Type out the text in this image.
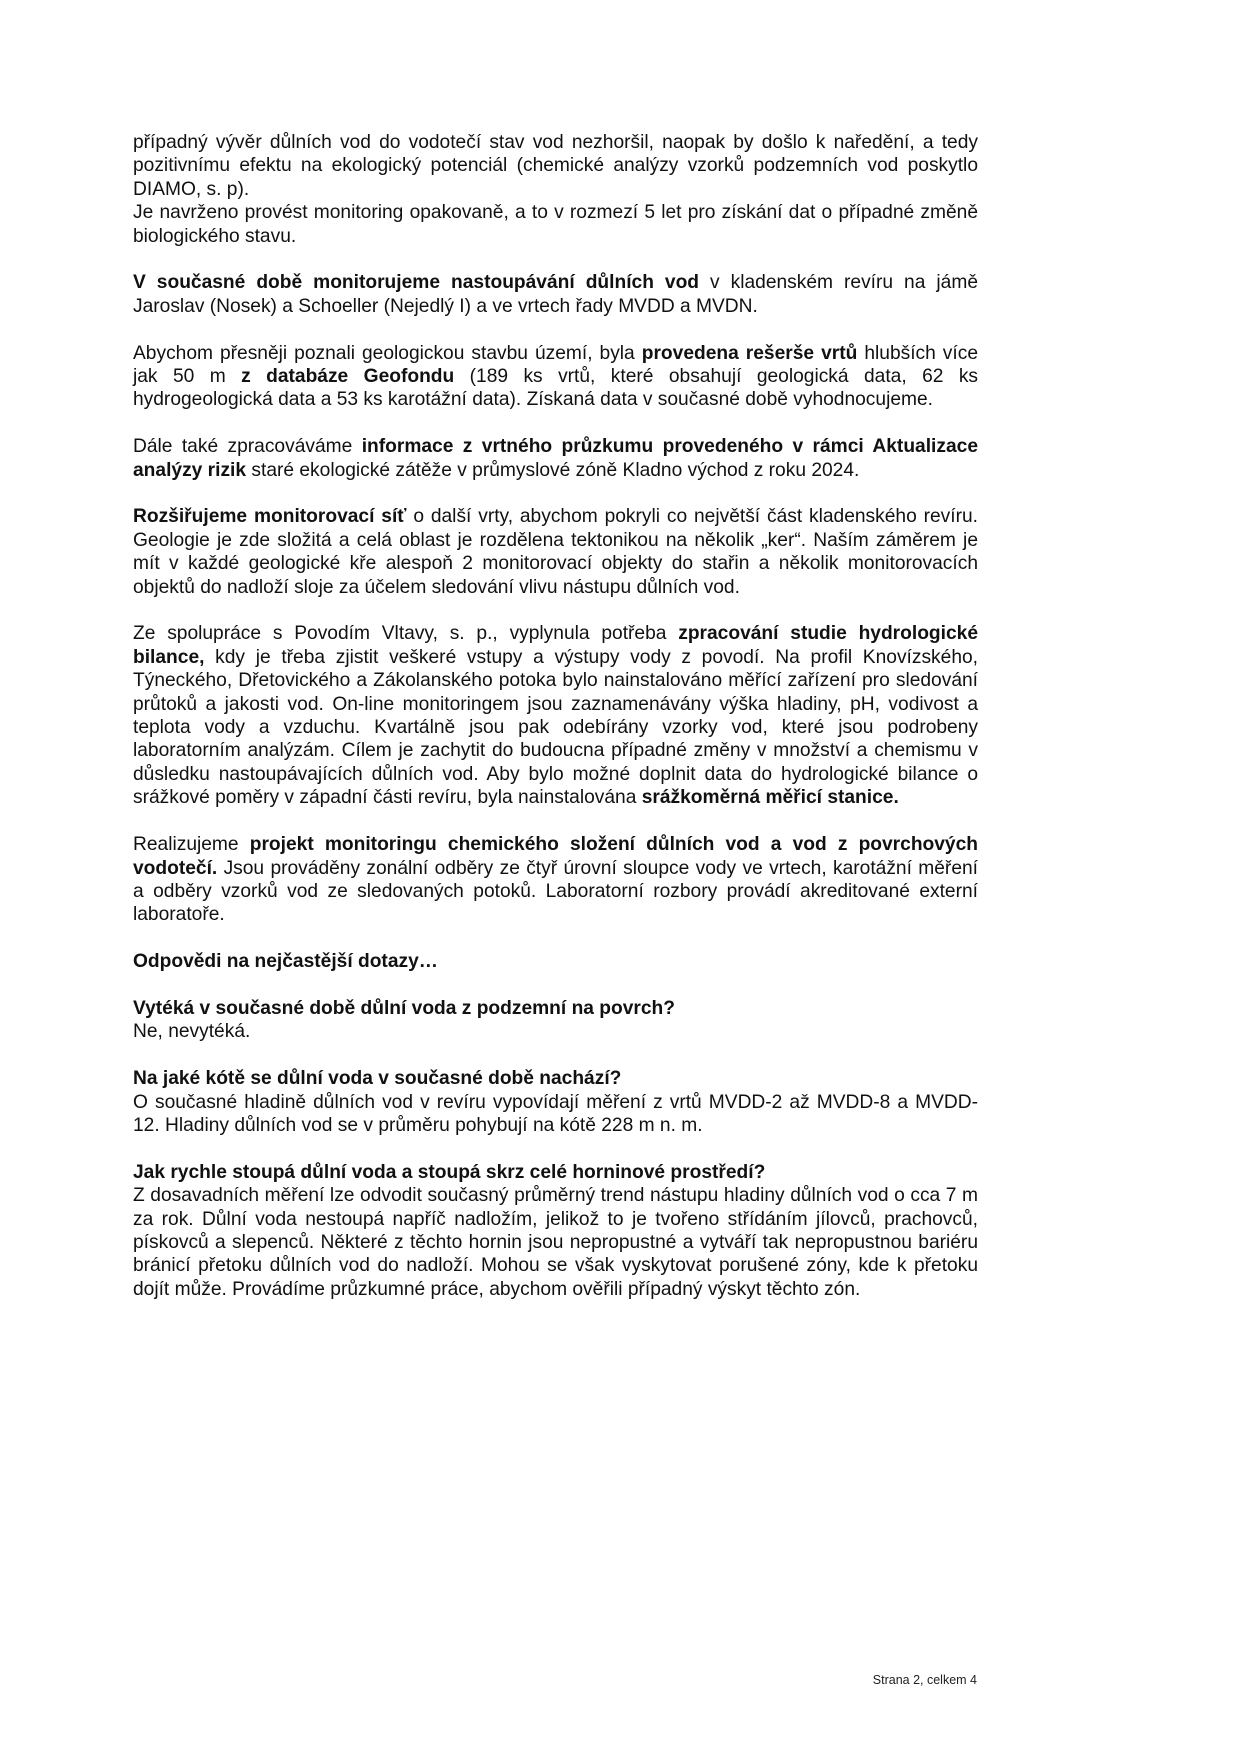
případný vývěr důlních vod do vodotečí stav vod nezhoršil, naopak by došlo k naředění, a tedy pozitivnímu efektu na ekologický potenciál (chemické analýzy vzorků podzemních vod poskytlo DIAMO, s. p).

Je navrženo provést monitoring opakovaně, a to v rozmezí 5 let pro získání dat o případné změně biologického stavu.

V současné době monitorujeme nastoupávání důlních vod v kladenském revíru na jámě Jaroslav (Nosek) a Schoeller (Nejedlý I) a ve vrtech řady MVDD a MVDN.

Abychom přesněji poznali geologickou stavbu území, byla provedena rešerše vrtů hlubších více jak 50 m z databáze Geofondu (189 ks vrtů, které obsahují geologická data, 62 ks hydrogeologická data a 53 ks karotážní data). Získaná data v současné době vyhodnocujeme.

Dále také zpracováváme informace z vrtného průzkumu provedeného v rámci Aktualizace analýzy rizik staré ekologické zátěže v průmyslové zóně Kladno východ z roku 2024.

Rozšiřujeme monitorovací síť o další vrty, abychom pokryli co největší část kladenského revíru. Geologie je zde složitá a celá oblast je rozdělena tektonikou na několik „ker“. Naším záměrem je mít v každé geologické kře alespoň 2 monitorovací objekty do stařin a několik monitorovacích objektů do nadloží sloje za účelem sledování vlivu nástupu důlních vod.

Ze spolupráce s Povodím Vltavy, s. p., vyplynula potřeba zpracování studie hydrologické bilance, kdy je třeba zjistit veškeré vstupy a výstupy vody z povodí. Na profil Knovízského, Týneckého, Dřetovického a Zákolanského potoka bylo nainstalováno měřící zařízení pro sledování průtoků a jakosti vod. On-line monitoringem jsou zaznamenávány výška hladiny, pH, vodivost a teplota vody a vzduchu. Kvartálně jsou pak odebírány vzorky vod, které jsou podrobeny laboratorním analýzám. Cílem je zachytit do budoucna případné změny v množství a chemismu v důsledku nastoupávajících důlních vod. Aby bylo možné doplnit data do hydrologické bilance o srážkové poměry v západní části revíru, byla nainstalována srážkoměrná měřicí stanice.

Realizujeme projekt monitoringu chemického složení důlních vod a vod z povrchových vodotečí. Jsou prováděny zonální odběry ze čtyř úrovní sloupce vody ve vrtech, karotážní měření a odběry vzorků vod ze sledovaných potoků. Laboratorní rozbory provádí akreditované externí laboratoře.

Odpovědi na nejčastější dotazy…

Vytéká v současné době důlní voda z podzemní na povrch?
Ne, nevytéká.

Na jaké kótě se důlní voda v současné době nachází?
O současné hladině důlních vod v revíru vypovídají měření z vrtů MVDD-2 až MVDD-8 a MVDD-12. Hladiny důlních vod se v průměru pohybují na kótě 228 m n. m.

Jak rychle stoupá důlní voda a stoupá skrz celé horninové prostředí?
Z dosavadních měření lze odvodit současný průměrný trend nástupu hladiny důlních vod o cca 7 m za rok. Důlní voda nestoupá napříč nadložím, jelikož to je tvořeno střídáním jílovců, prachovců, pískovců a slepenců. Některé z těchto hornin jsou nepropustné a vytváří tak nepropustnou bariéru bránicí přetoku důlních vod do nadloží. Mohou se však vyskytovat porušené zóny, kde k přetoku dojít může. Provádíme průzkumné práce, abychom ověřili případný výskyt těchto zón.

Strana 2, celkem 4
